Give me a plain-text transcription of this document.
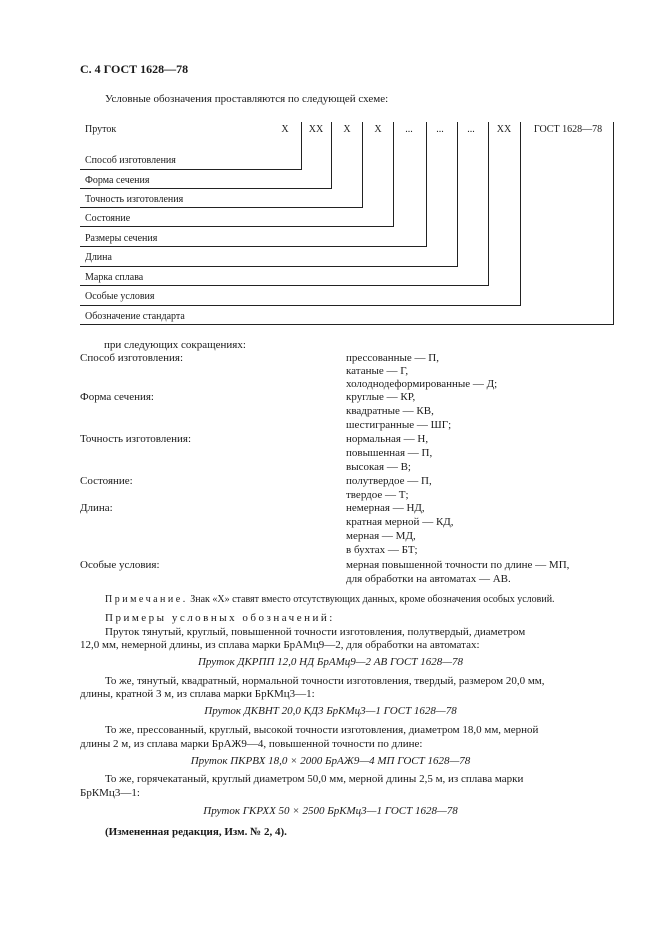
С. 4 ГОСТ 1628—78
Условные обозначения проставляются по следующей схеме:
Пруток	Х	ХХ	Х	Х	...	...	...	ХХ	ГОСТ 1628—78
Способ изготовления
Форма сечения
Точность изготовления
Состояние
Размеры сечения
Длина
Марка сплава
Особые условия
Обозначение стандарта
при следующих сокращениях:
Способ изготовления:	прессованные — П,
катаные — Г,
холоднодеформированные — Д;
Форма сечения:	круглые — КР,
квадратные — КВ,
шестигранные — ШГ;
Точность изготовления:	нормальная — Н,
повышенная — П,
высокая — В;
Состояние:	полутвердое — П,
твердое — Т;
Длина:	немерная — НД,
кратная мерной — КД,
мерная — МД,
в бухтах — БТ;
Особые условия:	мерная повышенной точности по длине — МП,
для обработки на автоматах — АВ.
Примечание. Знак «Х» ставят вместо отсутствующих данных, кроме обозначения особых условий.
Примеры условных обозначений:
Пруток тянутый, круглый, повышенной точности изготовления, полутвердый, диаметром
12,0 мм, немерной длины, из сплава марки БрАМц9—2, для обработки на автоматах:
Пруток ДКРПП 12,0 НД БрАМц9—2 АВ ГОСТ 1628—78
То же, тянутый, квадратный, нормальной точности изготовления, твердый, размером 20,0 мм,
длины, кратной 3 м, из сплава марки БрКМц3—1:
Пруток ДКВНТ 20,0 КД3 БрКМц3—1 ГОСТ 1628—78
То же, прессованный, круглый, высокой точности изготовления, диаметром 18,0 мм, мерной
длины 2 м, из сплава марки БрАЖ9—4, повышенной точности по длине:
Пруток ПКРВХ 18,0 × 2000 БрАЖ9—4 МП ГОСТ 1628—78
То же, горячекатаный, круглый диаметром 50,0 мм, мерной длины 2,5 м, из сплава марки
БрКМц3—1:
Пруток ГКРХХ 50 × 2500 БрКМц3—1 ГОСТ 1628—78
(Измененная редакция, Изм. № 2, 4).
